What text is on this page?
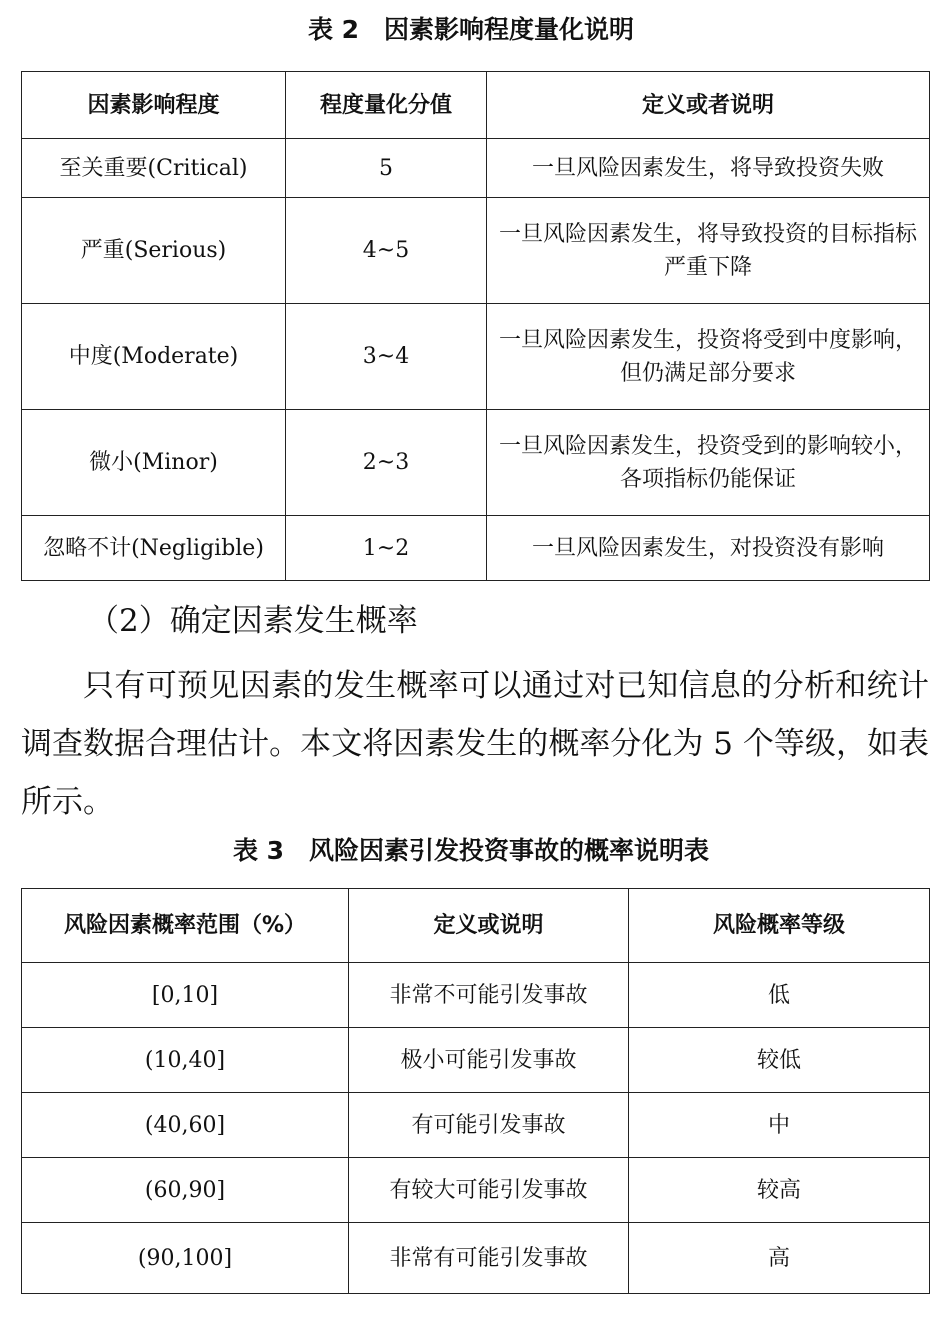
表 2　因素影响程度量化说明
因素影响程度	程度量化分值	定义或者说明
至关重要(Critical)	5	一旦风险因素发生，将导致投资失败
严重(Serious)	4~5	一旦风险因素发生，将导致投资的目标指标严重下降
中度(Moderate)	3~4	一旦风险因素发生，投资将受到中度影响，但仍满足部分要求
微小(Minor)	2~3	一旦风险因素发生，投资受到的影响较小，各项指标仍能保证
忽略不计(Negligible)	1~2	一旦风险因素发生，对投资没有影响
（2）确定因素发生概率
只有可预见因素的发生概率可以通过对已知信息的分析和统计调查数据合理估计。本文将因素发生的概率分化为 5 个等级，如表所示。
表 3　风险因素引发投资事故的概率说明表
风险因素概率范围（%）	定义或说明	风险概率等级
[0,10]	非常不可能引发事故	低
(10,40]	极小可能引发事故	较低
(40,60]	有可能引发事故	中
(60,90]	有较大可能引发事故	较高
(90,100]	非常有可能引发事故	高
